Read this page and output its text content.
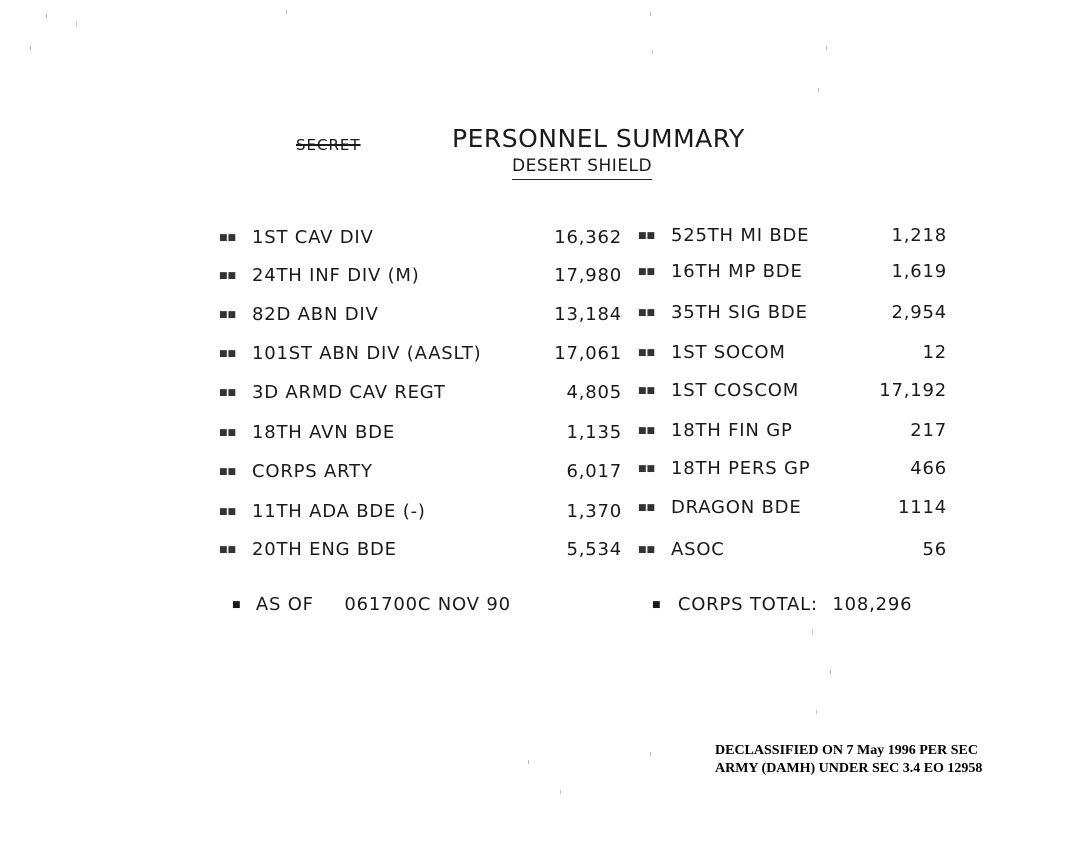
SECRET	PERSONNEL SUMMARY
DESERT SHIELD
■■ 1ST CAV DIV	16,362
■■ 24TH INF DIV (M)	17,980
■■ 82D ABN DIV	13,184
■■ 101ST ABN DIV (AASLT)	17,061
■■ 3D ARMD CAV REGT	4,805
■■ 18TH AVN BDE	1,135
■■ CORPS ARTY	6,017
■■ 11TH ADA BDE (-)	1,370
■■ 20TH ENG BDE	5,534
■■ 525TH MI BDE	1,218
■■ 16TH MP BDE	1,619
■■ 35TH SIG BDE	2,954
■■ 1ST SOCOM	12
■■ 1ST COSCOM	17,192
■■ 18TH FIN GP	217
■■ 18TH PERS GP	466
■■ DRAGON BDE	1114
■■ ASOC	56
■ AS OF 061700C NOV 90	■ CORPS TOTAL: 108,296
DECLASSIFIED ON 7 May 1996 PER SEC
ARMY (DAMH) UNDER SEC 3.4 EO 12958
